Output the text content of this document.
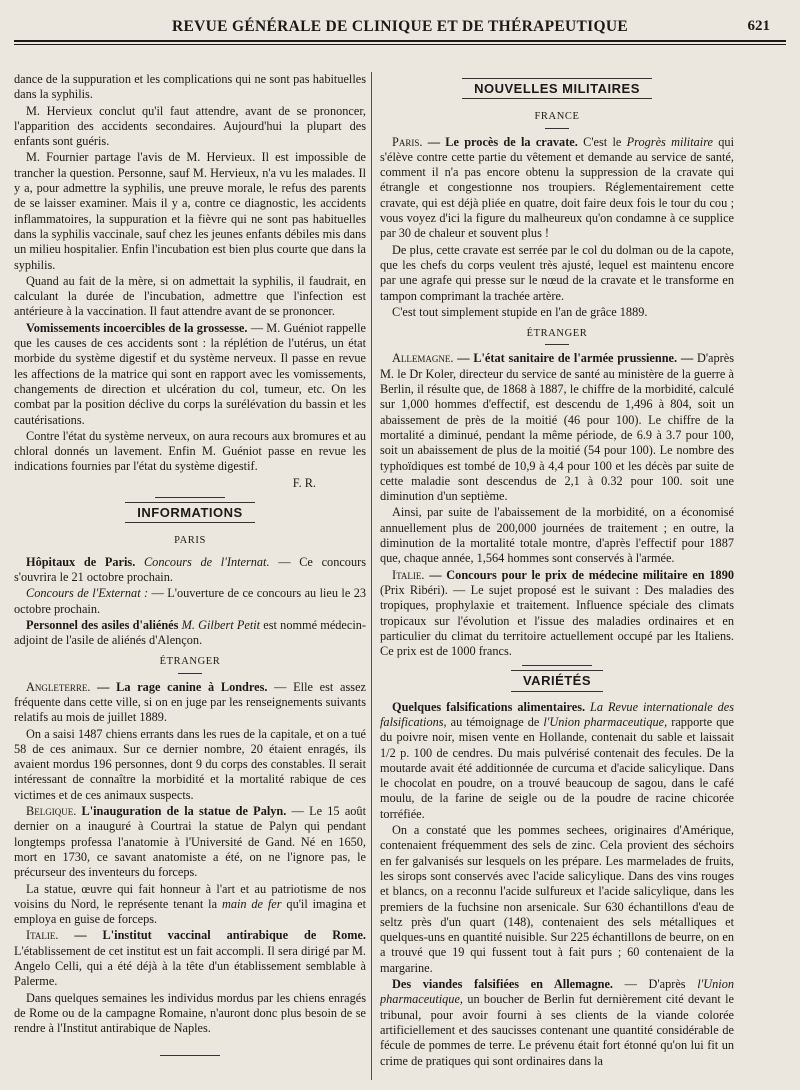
REVUE GÉNÉRALE DE CLINIQUE ET DE THÉRAPEUTIQUE	621

dance de la suppuration et les complications qui ne sont pas habituelles dans la syphilis.

M. Hervieux conclut qu'il faut attendre, avant de se prononcer, l'apparition des accidents secondaires. Aujourd'hui la plupart des enfants sont guéris.

M. Fournier partage l'avis de M. Hervieux. Il est impossible de trancher la question. Personne, sauf M. Hervieux, n'a vu les malades. Il y a, pour admettre la syphilis, une preuve morale, le refus des parents de se laisser examiner. Mais il y a, contre ce diagnostic, les accidents inflammatoires, la suppuration et la fièvre qui ne sont pas habituelles dans la syphilis vaccinale, sauf chez les jeunes enfants débiles mis dans un milieu hospitalier. Enfin l'incubation est bien plus courte que dans la syphilis.

Quand au fait de la mère, si on admettait la syphilis, il faudrait, en calculant la durée de l'incubation, admettre que l'infection est antérieure à la vaccination. Il faut attendre avant de se prononcer.

Vomissements incoercibles de la grossesse. — M. Guéniot rappelle que les causes de ces accidents sont : la réplétion de l'utérus, un état morbide du système digestif et du système nerveux. Il passe en revue les affections de la matrice qui sont en rapport avec les vomissements, changements de direction et ulcération du col, tumeur, etc. On les combat par la position déclive du corps la surélévation du bassin et les cautérisations.

Contre l'état du système nerveux, on aura recours aux bromures et au chloral donnés un lavement. Enfin M. Guéniot passe en revue les indications fournies par l'état du système digestif.

F. R.

INFORMATIONS
PARIS

Hôpitaux de Paris. Concours de l'Internat. — Ce concours s'ouvrira le 21 octobre prochain.

Concours de l'Externat : — L'ouverture de ce concours au lieu le 23 octobre prochain.

Personnel des asiles d'aliénés M. Gilbert Petit est nommé médecin-adjoint de l'asile de aliénés d'Alençon.

ÉTRANGER

Angleterre. — La rage canine à Londres. — Elle est assez fréquente dans cette ville, si on en juge par les renseignements suivants relatifs au mois de juillet 1889.

On a saisi 1487 chiens errants dans les rues de la capitale, et on a tué 58 de ces animaux. Sur ce dernier nombre, 20 étaient enragés, ils avaient mordus 196 personnes, dont 9 du corps des constables. Il serait intéressant de connaître la morbidité et la mortalité rabique de ces victimes et de ces animaux suspects.

Belgique. L'inauguration de la statue de Palyn. — Le 15 août dernier on a inauguré à Courtrai la statue de Palyn qui pendant longtemps professa l'anatomie à l'Université de Gand. Né en 1650, mort en 1730, ce savant anatomiste a été, on ne l'ignore pas, le précurseur des inventeurs du forceps.

La statue, œuvre qui fait honneur à l'art et au patriotisme de nos voisins du Nord, le représente tenant la main de fer qu'il imagina et employa en guise de forceps.

Italie. — L'institut vaccinal antirabique de Rome. L'établissement de cet institut est un fait accompli. Il sera dirigé par M. Angelo Celli, qui a été déjà à la tête d'un établissement semblable à Palerme.

Dans quelques semaines les individus mordus par les chiens enragés de Rome ou de la campagne Romaine, n'auront donc plus besoin de se rendre à l'Institut antirabique de Naples.

NOUVELLES MILITAIRES
FRANCE

Paris. — Le procès de la cravate. C'est le Progrès militaire qui s'élève contre cette partie du vêtement et demande au service de santé, comment il n'a pas encore obtenu la suppression de la cravate qui étrangle et congestionne nos troupiers. Réglementairement cette cravate, qui est déjà pliée en quatre, doit faire deux fois le tour du cou ; vous voyez d'ici la figure du malheureux qu'on condamne à ce supplice par 30 de chaleur et souvent plus !

De plus, cette cravate est serrée par le col du dolman ou de la capote, que les chefs du corps veulent très ajusté, lequel est maintenu encore par une agrafe qui presse sur le nœud de la cravate et le transforme en tampon comprimant la trachée artère.

C'est tout simplement stupide en l'an de grâce 1889.

ÉTRANGER

Allemagne. — L'état sanitaire de l'armée prussienne. — D'après M. le Dr Koler, directeur du service de santé au ministère de la guerre à Berlin, il résulte que, de 1868 à 1887, le chiffre de la morbidité, calculé sur 1,000 hommes d'effectif, est descendu de 1,496 à 804, soit un abaissement de près de la moitié (46 pour 100). Le chiffre de la mortalité a diminué, pendant la même période, de 6.9 à 3.7 pour 100, soit un abaissement de plus de la moitié (54 pour 100). Le nombre des typhoïdiques est tombé de 10,9 à 4,4 pour 100 et les décès par suite de cette maladie sont descendus de 2,1 à 0.32 pour 100. soit une diminution d'un septième.

Ainsi, par suite de l'abaissement de la morbidité, on a économisé annuellement plus de 200,000 journées de traitement ; en outre, la diminution de la mortalité totale montre, d'après l'effectif pour 1887 que, chaque année, 1,564 hommes sont conservés à l'armée.

Italie. — Concours pour le prix de médecine militaire en 1890 (Prix Ribéri). — Le sujet proposé est le suivant : Des maladies des tropiques, prophylaxie et traitement. Influence spéciale des climats tropicaux sur l'évolution et l'issue des maladies ordinaires et en particulier du climat du territoire actuellement occupé par les Italiens. Ce prix est de 1000 francs.

VARIÉTÉS

Quelques falsifications alimentaires. La Revue internationale des falsifications, au témoignage de l'Union pharmaceutique, rapporte que du poivre noir, misen vente en Hollande, contenait du sable et laissait 1/2 p. 100 de cendres. Du mais pulvérisé contenait des fecules. De la moutarde avait été additionnée de curcuma et d'acide salicylique. Dans le chocolat en poudre, on a trouvé beaucoup de sagou, dans le café moulu, de la farine de seigle ou de la poudre de racine chicorée torréfiée.

On a constaté que les pommes sechees, originaires d'Amérique, contenaient fréquemment des sels de zinc. Cela provient des séchoirs en fer galvanisés sur lesquels on les prépare. Les marmelades de fruits, les sirops sont conservés avec l'acide salicylique. Dans des vins rouges et blancs, on a reconnu l'acide sulfureux et l'acide salicylique, dans les premiers de la fuchsine non arsenicale. Sur 630 échantillons d'eau de seltz près d'un quart (148), contenaient des sels métalliques et quelques-uns en quantité nuisible. Sur 225 échantillons de beurre, on en a trouvé que 19 qui fussent tout à fait purs ; 60 contenaient de la margarine.

Des viandes falsifiées en Allemagne. — D'après l'Union pharmaceutique, un boucher de Berlin fut dernièrement cité devant le tribunal, pour avoir fourni à ses clients de la viande colorée artificiellement et des saucisses contenant une quantité considérable de fécule de pommes de terre. Le prévenu était fort étonné qu'on lui fit un crime de pratiques qui sont ordinaires dans la
